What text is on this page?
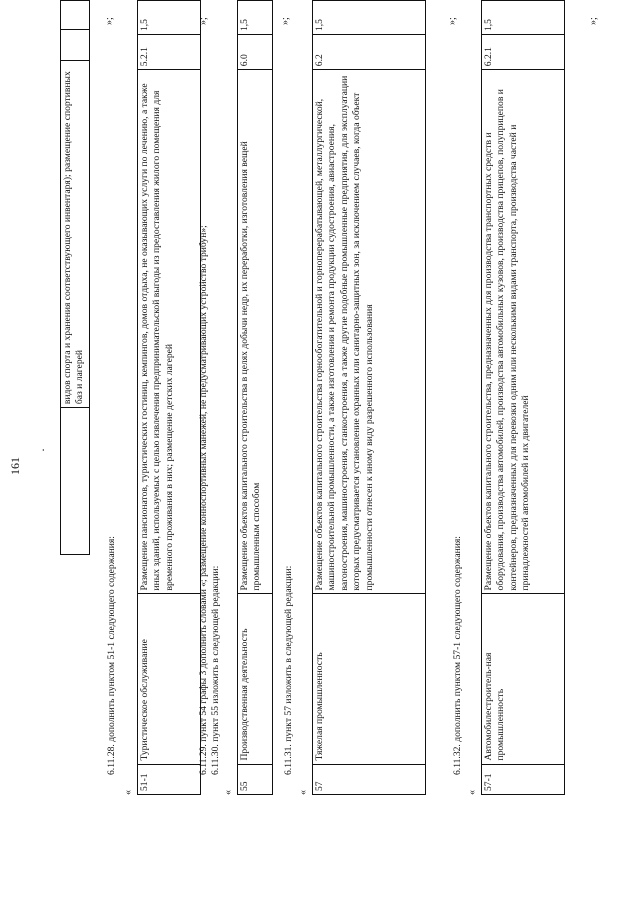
161
·
	видов спорта и хранения соответствующего инвентаря); размещение спортивных баз и лагерей		
»;
6.11.28. дополнить пунктом 51-1 следующего содержания:
«
51-1	Туристическое обслуживание	Размещение пансионатов, туристических гостиниц, кемпингов, домов отдыха, не оказывающих услуги по лечению, а также иных зданий, используемых с целью извлечения предпринимательской выгоды из предоставления жилого помещения для временного проживания в них; размещение детских лагерей	5.2.1	1,5	»;
6.11.29. пункт 54 графы 3 дополнить словами «; размещение конноспортивных манежей, не предусматривающих устройство трибун»; 6.11.30. пункт 55 изложить в следующей редакции:
«
55	Производственная деятельность	Размещение объектов капитального строительства в целях добычи недр, их переработки, изготовления вещей промышленным способом	6.0	1,5	»;
6.11.31. пункт 57 изложить в следующей редакции:
«
57	Тяжелая промышленность	Размещение объектов капитального строительства горнообогатительной и горноперерабатывающей, металлургической, машиностроительной промышленности, а также изготовления и ремонта продукции судостроения, авиастроения, вагоностроения, машиностроения, станкостроения, а также другие подобные промышленные предприятия, для эксплуатации которых предусматривается установление охранных или санитарно-защитных зон, за исключением случаев, когда объект промышленности отнесен к иному виду разрешенного использования	6.2	1,5	»;
6.11.32. дополнить пунктом 57-1 следующего содержания:
«
57-1	Автомобилестроитель-ная промышленность	Размещение объектов капитального строительства, предназначенных для производства транспортных средств и оборудования, производства автомобилей, производства автомобильных кузовов, производства прицепов, полуприцепов и контейнеров, предназначенных для перевозки одним или несколькими видами транспорта, производства частей и принадлежностей автомобилей и их двигателей	6.2.1	1,5	»;
